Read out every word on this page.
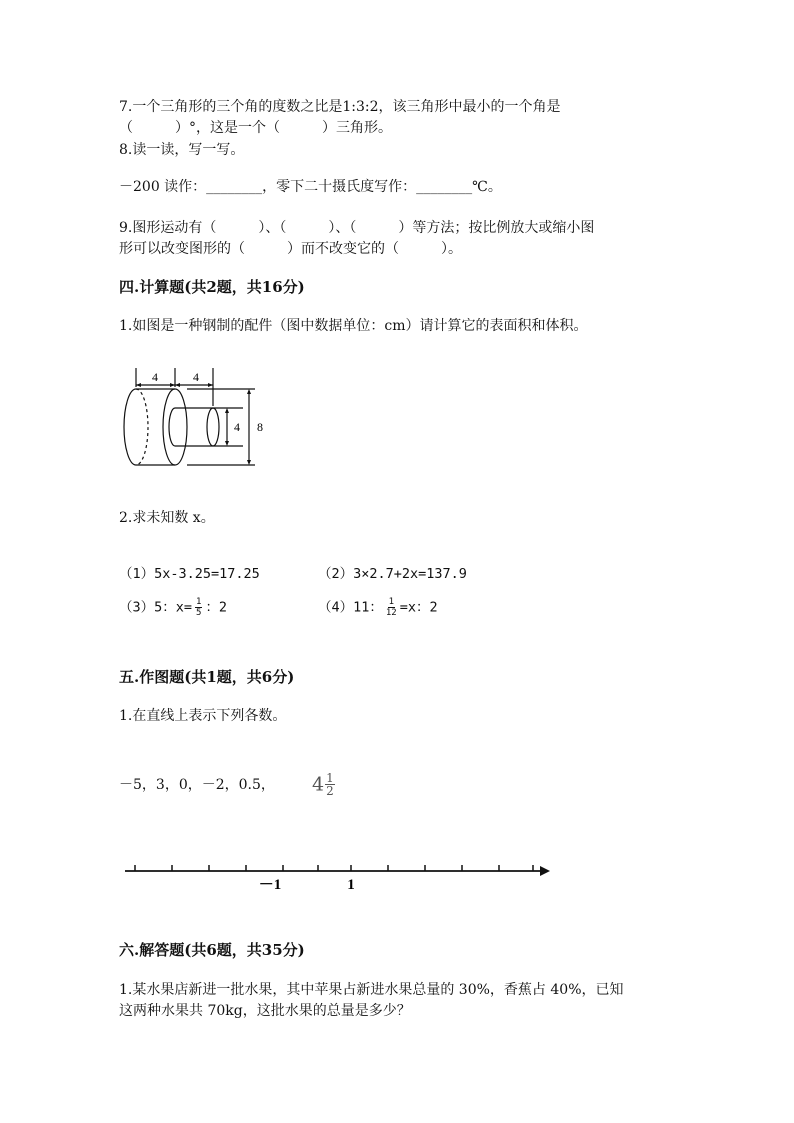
7.一个三角形的三个角的度数之比是1:3:2，该三角形中最小的一个角是
（　　　）°，这是一个（　　　）三角形。
8.读一读，写一写。
－200 读作：________，零下二十摄氏度写作：________℃。
9.图形运动有（　　　）、（　　　）、（　　　）等方法；按比例放大或缩小图
形可以改变图形的（　　　）而不改变它的（　　　）。
四.计算题(共2题，共16分)
1.如图是一种钢制的配件（图中数据单位：cm）请计算它的表面积和体积。
4	4
4 8
2.求未知数 x。
（1）5x-3.25=17.25	（2）3×2.7+2x=137.9
（3）5：$x= \frac{1}{5}$ ：2	（4）11： $\frac{1}{12} =x$：2
五.作图题(共1题，共6分)
1.在直线上表示下列各数。
－5，3，0，－2，0.5， $4 \frac{1}{2}$
－1	1
六.解答题(共6题，共35分)
1.某水果店新进一批水果，其中苹果占新进水果总量的 30%，香蕉占 40%，已知
这两种水果共 70kg，这批水果的总量是多少？
